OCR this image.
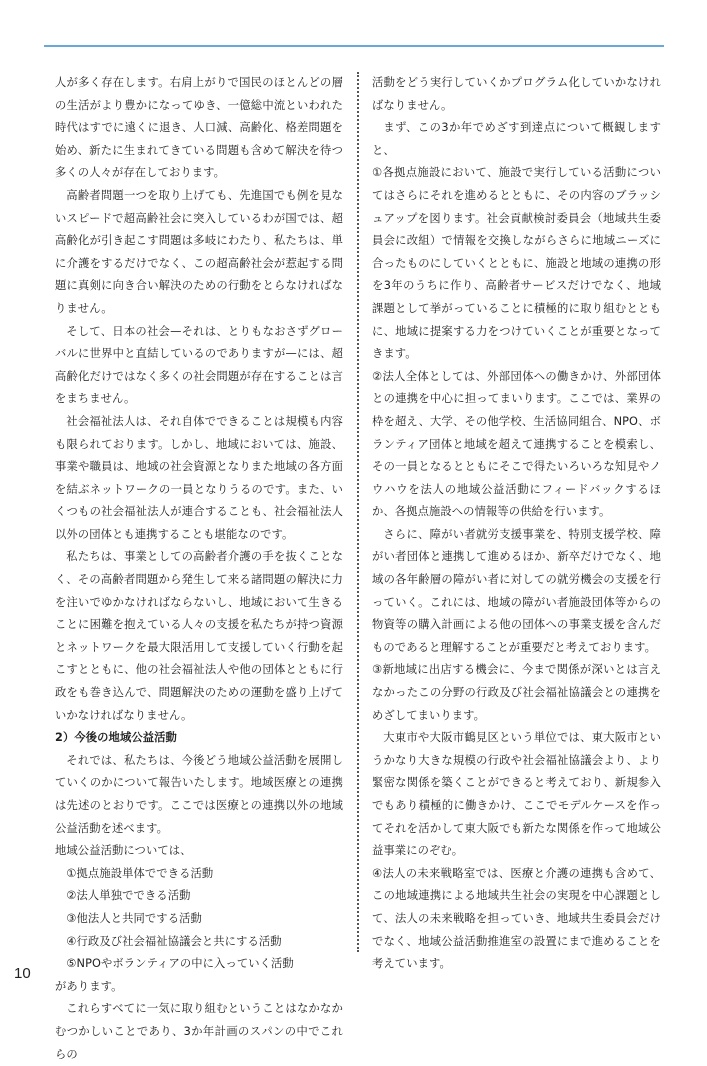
人が多く存在します。右肩上がりで国民のほとんどの層の生活がより豊かになってゆき、一億総中流といわれた時代はすでに遠くに退き、人口減、高齢化、格差問題を始め、新たに生まれてきている問題も含めて解決を待つ多くの人々が存在しております。

高齢者問題一つを取り上げても、先進国でも例を見ないスピードで超高齢社会に突入しているわが国では、超高齢化が引き起こす問題は多岐にわたり、私たちは、単に介護をするだけでなく、この超高齢社会が惹起する問題に真剣に向き合い解決のための行動をとらなければなりません。

そして、日本の社会—それは、とりもなおさずグローバルに世界中と直結しているのでありますが—には、超高齢化だけではなく多くの社会問題が存在することは言をまちません。

社会福祉法人は、それ自体でできることは規模も内容も限られております。しかし、地域においては、施設、事業や職員は、地域の社会資源となりまた地域の各方面を結ぶネットワークの一員となりうるのです。また、いくつもの社会福祉法人が連合することも、社会福祉法人以外の団体とも連携することも堪能なのです。

私たちは、事業としての高齢者介護の手を抜くことなく、その高齢者問題から発生して来る諸問題の解決に力を注いでゆかなければならないし、地域において生きることに困難を抱えている人々の支援を私たちが持つ資源とネットワークを最大限活用して支援していく行動を起こすとともに、他の社会福祉法人や他の団体とともに行政をも巻き込んで、問題解決のための運動を盛り上げていかなければなりません。

2）今後の地域公益活動

それでは、私たちは、今後どう地域公益活動を展開していくのかについて報告いたします。地域医療との連携は先述のとおりです。ここでは医療との連携以外の地域公益活動を述べます。

地域公益活動については、

①拠点施設単体でできる活動

②法人単独でできる活動

③他法人と共同でする活動

④行政及び社会福祉協議会と共にする活動

⑤NPOやボランティアの中に入っていく活動

があります。

これらすべてに一気に取り組むということはなかなかむつかしいことであり、3か年計画のスパンの中でこれらの

活動をどう実行していくかプログラム化していかなければなりません。

まず、この3か年でめざす到達点について概観しますと、

①各拠点施設において、施設で実行している活動についてはさらにそれを進めるとともに、その内容のブラッシュアップを図ります。社会貢献検討委員会（地域共生委員会に改組）で情報を交換しながらさらに地域ニーズに合ったものにしていくとともに、施設と地域の連携の形を3年のうちに作り、高齢者サービスだけでなく、地域課題として挙がっていることに積極的に取り組むとともに、地域に提案する力をつけていくことが重要となってきます。

②法人全体としては、外部団体への働きかけ、外部団体との連携を中心に担ってまいります。ここでは、業界の枠を超え、大学、その他学校、生活協同組合、NPO、ボランティア団体と地域を超えて連携することを模索し、その一員となるとともにそこで得たいろいろな知見やノウハウを法人の地域公益活動にフィードバックするほか、各拠点施設への情報等の供給を行います。

さらに、障がい者就労支援事業を、特別支援学校、障がい者団体と連携して進めるほか、新卒だけでなく、地域の各年齢層の障がい者に対しての就労機会の支援を行っていく。これには、地域の障がい者施設団体等からの物資等の購入計画による他の団体への事業支援を含んだものであると理解することが重要だと考えております。

③新地域に出店する機会に、今まで関係が深いとは言えなかったこの分野の行政及び社会福祉協議会との連携をめざしてまいります。

大東市や大阪市鶴見区という単位では、東大阪市というかなり大きな規模の行政や社会福祉協議会より、より緊密な関係を築くことができると考えており、新規参入でもあり積極的に働きかけ、ここでモデルケースを作ってそれを活かして東大阪でも新たな関係を作って地域公益事業にのぞむ。

④法人の未来戦略室では、医療と介護の連携も含めて、この地域連携による地域共生社会の実現を中心課題として、法人の未来戦略を担っていき、地域共生委員会だけでなく、地域公益活動推進室の設置にまで進めることを考えています。

10
